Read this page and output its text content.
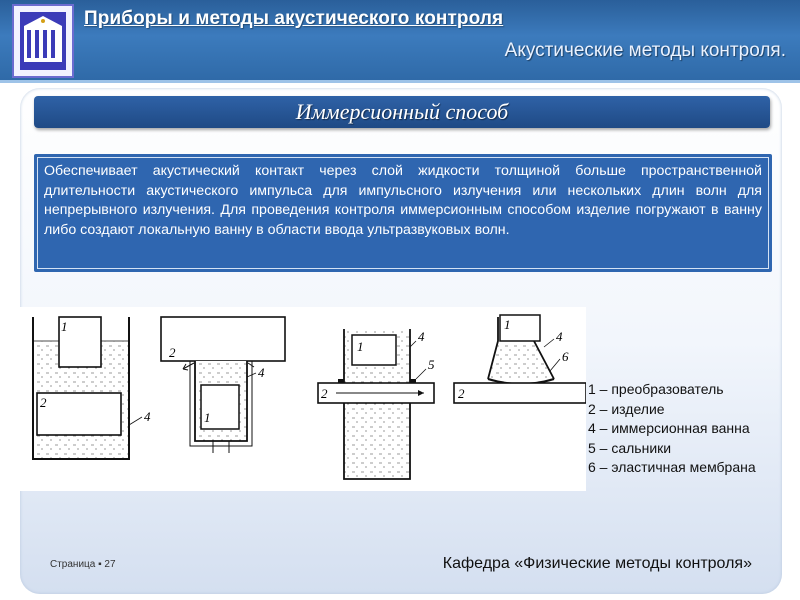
Приборы и методы акустического контроля
Акустические методы контроля.
Иммерсионный способ

Обеспечивает акустический контакт через слой жидкости толщиной больше пространственной длительности акустического импульса для импульсного излучения или нескольких длин волн для непрерывного излучения. Для проведения контроля иммерсионным способом изделие погружают в ванну либо создают локальную ванну в области ввода ультразвуковых волн.

1
2
4
2
1
4
1
2
4
5
1
2
4
6
1 – преобразователь
2 – изделие
4 – иммерсионная ванна
5 – сальники
6 – эластичная мембрана
Страница ▪ 27	Кафедра «Физические методы контроля»
